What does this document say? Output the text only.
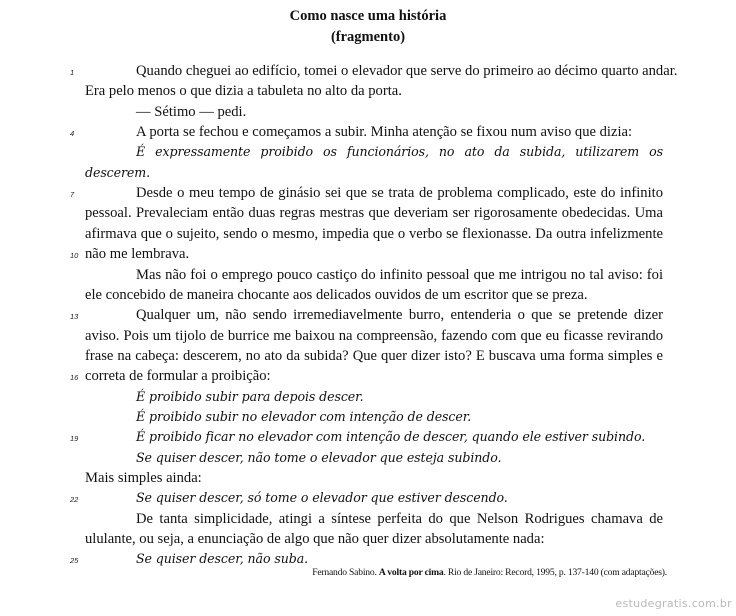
Como nasce uma história
(fragmento)
Quando cheguei ao edifício, tomei o elevador que serve do primeiro ao décimo quarto andar.
1
Era pelo menos o que dizia a tabuleta no alto da porta.
— Sétimo — pedi.
A porta se fechou e começamos a subir. Minha atenção se fixou num aviso que dizia:
4
É expressamente proibido os funcionários, no ato da subida, utilizarem os
descerem.
Desde o meu tempo de ginásio sei que se trata de problema complicado, este do infinito
7
pessoal. Prevaleciam então duas regras mestras que deveriam ser rigorosamente obedecidas. Uma
afirmava que o sujeito, sendo o mesmo, impedia que o verbo se flexionasse. Da outra infelizmente
não me lembrava.
10
Mas não foi o emprego pouco castiço do infinito pessoal que me intrigou no tal aviso: foi
ele concebido de maneira chocante aos delicados ouvidos de um escritor que se preza.
Qualquer um, não sendo irremediavelmente burro, entenderia o que se pretende dizer
13
aviso. Pois um tijolo de burrice me baixou na compreensão, fazendo com que eu ficasse revirando
frase na cabeça: descerem, no ato da subida? Que quer dizer isto? E buscava uma forma simples e
correta de formular a proibição:
16
É proibido subir para depois descer.
É proibido subir no elevador com intenção de descer.
É proibido ficar no elevador com intenção de descer, quando ele estiver subindo.
19
Se quiser descer, não tome o elevador que esteja subindo.
Mais simples ainda:
Se quiser descer, só tome o elevador que estiver descendo.
22
De tanta simplicidade, atingi a síntese perfeita do que Nelson Rodrigues chamava de
ululante, ou seja, a enunciação de algo que não quer dizer absolutamente nada:
Se quiser descer, não suba.
25
Fernando Sabino. A volta por cima. Rio de Janeiro: Record, 1995, p. 137-140 (com adaptações).
estudegratis.com.br
